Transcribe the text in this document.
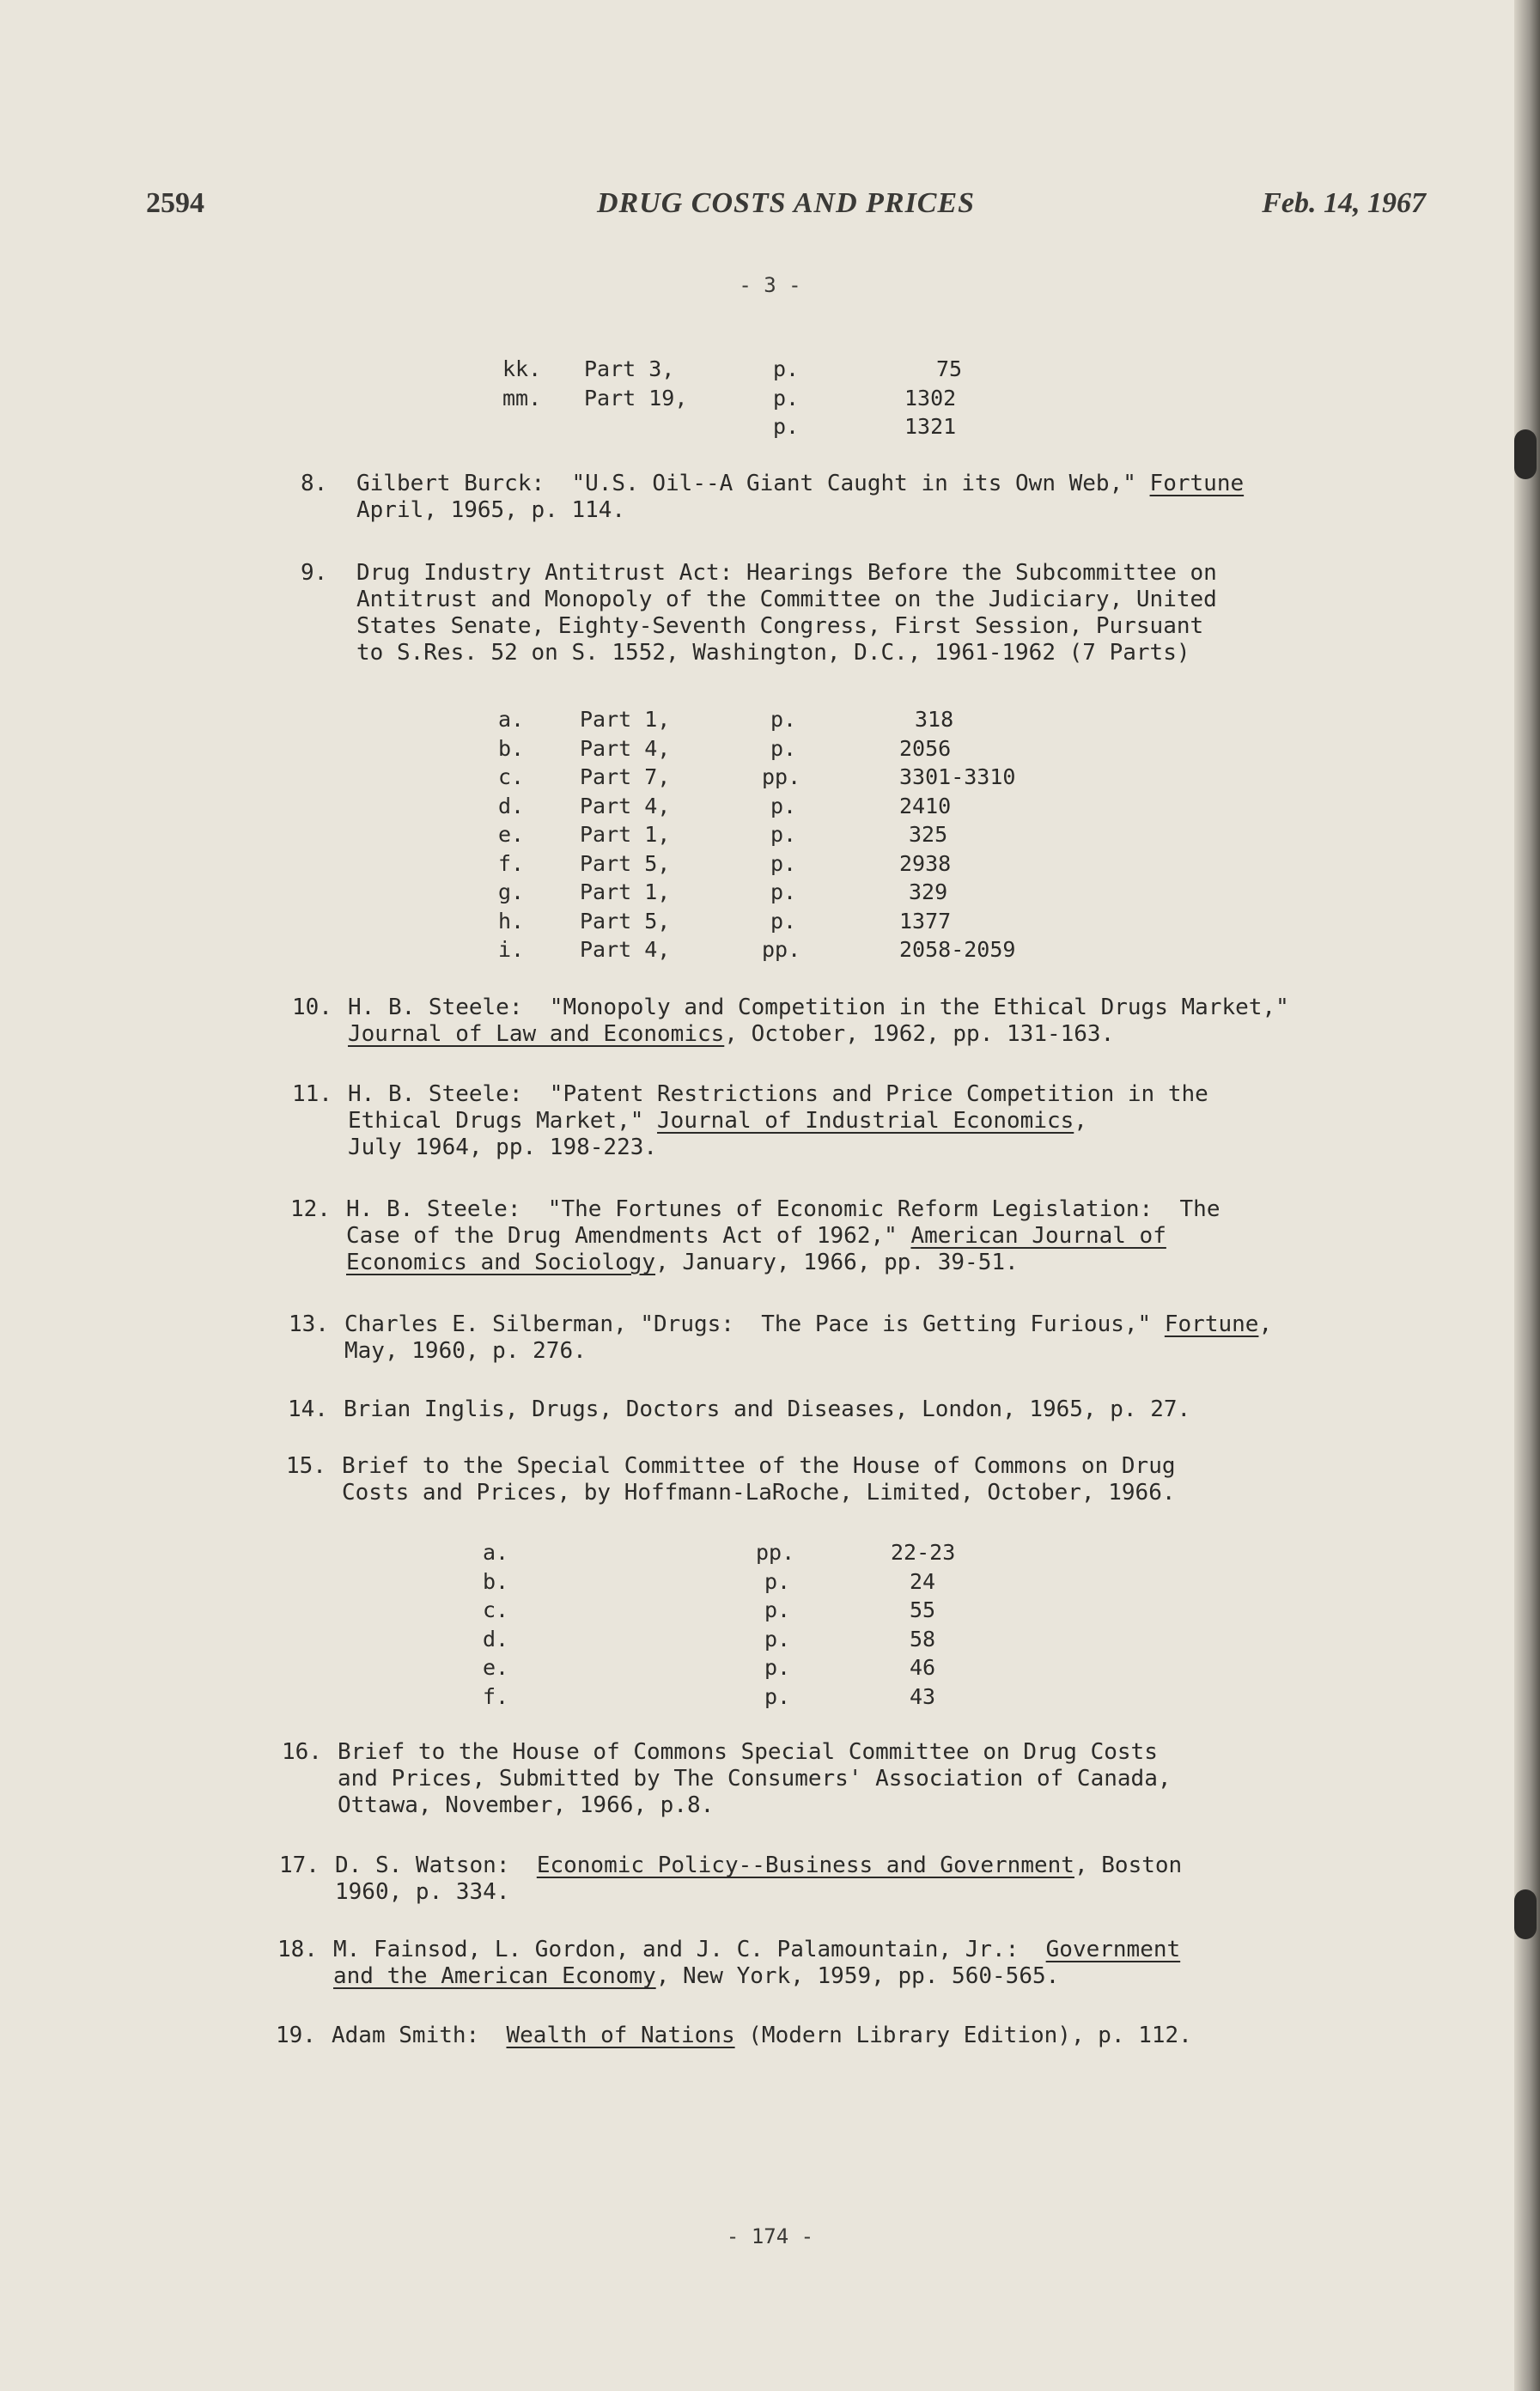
2594	DRUG COSTS AND PRICES	Feb. 14, 1967
- 3 -
kk. Part 3,	p.	75
mm. Part 19,	p.	1302
p.	1321
8. Gilbert Burck:  "U.S. Oil--A Giant Caught in its Own Web," Fortune
April, 1965, p. 114.
9. Drug Industry Antitrust Act: Hearings Before the Subcommittee on
Antitrust and Monopoly of the Committee on the Judiciary, United
States Senate, Eighty-Seventh Congress, First Session, Pursuant
to S.Res. 52 on S. 1552, Washington, D.C., 1961-1962 (7 Parts)
a.	Part 1,	p.	318
b.	Part 4,	p.	2056
c.	Part 7,	pp.	3301-3310
d.	Part 4,	p.	2410
e.	Part 1,	p.	325
f.	Part 5,	p.	2938
g.	Part 1,	p.	329
h.	Part 5,	p.	1377
i.	Part 4,	pp.	2058-2059
10. H. B. Steele:  "Monopoly and Competition in the Ethical Drugs Market,"
Journal of Law and Economics, October, 1962, pp. 131-163.
11. H. B. Steele:  "Patent Restrictions and Price Competition in the
Ethical Drugs Market," Journal of Industrial Economics,
July 1964, pp. 198-223.
12. H. B. Steele:  "The Fortunes of Economic Reform Legislation:  The
Case of the Drug Amendments Act of 1962," American Journal of
Economics and Sociology, January, 1966, pp. 39-51.
13. Charles E. Silberman, "Drugs:  The Pace is Getting Furious," Fortune,
May, 1960, p. 276.
14. Brian Inglis, Drugs, Doctors and Diseases, London, 1965, p. 27.
15. Brief to the Special Committee of the House of Commons on Drug
Costs and Prices, by Hoffmann-LaRoche, Limited, October, 1966.
a.	pp.	22-23
b.	p.	24
c.	p.	55
d.	p.	58
e.	p.	46
f.	p.	43
16. Brief to the House of Commons Special Committee on Drug Costs
and Prices, Submitted by The Consumers' Association of Canada,
Ottawa, November, 1966, p.8.
17. D. S. Watson:  Economic Policy--Business and Government, Boston
1960, p. 334.
18. M. Fainsod, L. Gordon, and J. C. Palamountain, Jr.:  Government
and the American Economy, New York, 1959, pp. 560-565.
19. Adam Smith:  Wealth of Nations (Modern Library Edition), p. 112.
- 174 -
